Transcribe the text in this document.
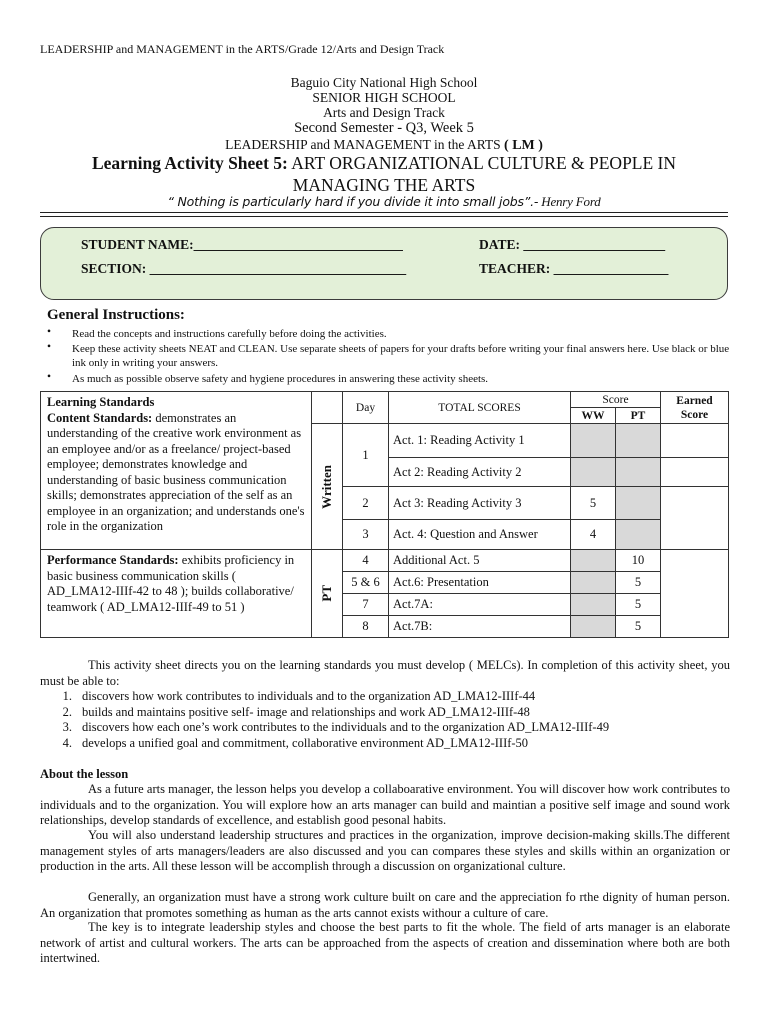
LEADERSHIP and MANAGEMENT in the ARTS/Grade 12/Arts and Design Track
Baguio City National High School
SENIOR HIGH SCHOOL
Arts and Design Track
Second Semester - Q3, Week 5
LEADERSHIP and MANAGEMENT in the ARTS ( LM )
Learning Activity Sheet 5: ART ORGANIZATIONAL CULTURE & PEOPLE IN
MANAGING THE ARTS
“ Nothing is particularly hard if you divide it into small jobs”.- Henry Ford
STUDENT NAME:_______________________________	DATE: _____________________
SECTION: ______________________________________	TEACHER: _________________
General Instructions:
• Read the concepts and instructions carefully before doing the activities.
• Keep these activity sheets NEAT and CLEAN. Use separate sheets of papers for your drafts before writing your final answers here. Use black or blue ink only in writing your answers.
• As much as possible observe safety and hygiene procedures in answering these activity sheets.
Learning Standards
Content Standards: demonstrates an understanding of the creative work environment as an employee and/or as a freelance/ project-based employee; demonstrates knowledge and understanding of basic business communication skills; demonstrates appreciation of the self as an employee in an organization; and understands one's role in the organization		Day	TOTAL SCORES	Score		Earned Score
				WW	PT	

	Written	1	Act. 1: Reading Activity 1			
			Act 2: Reading Activity 2			
		2	Act 3: Reading Activity 3	5		
		3	Act. 4: Question and Answer	4		
Performance Standards: exhibits proficiency in basic business communication skills ( AD_LMA12-IIIf-42 to 48 ); builds collaborative/ teamwork ( AD_LMA12-IIIf-49 to 51 )	PT	4	Additional Act. 5		10	
		5 & 6	Act.6: Presentation		5	
		7	Act.7A:		5	
		8	Act.7B:		5	
This activity sheet directs you on the learning standards you must develop ( MELCs). In completion of this activity sheet, you must be able to:
1. discovers how work contributes to individuals and to the organization AD_LMA12-IIIf-44
2. builds and maintains positive self- image and relationships and work AD_LMA12-IIIf-48
3. discovers how each one’s work contributes to the individuals and to the organization AD_LMA12-IIIf-49
4. develops a unified goal and commitment, collaborative environment AD_LMA12-IIIf-50
About the lesson
As a future arts manager, the lesson helps you develop a collaboarative environment. You will discover how work contributes to individuals and to the organization. You will explore how an arts manager can build and maintian a positive self image and sound work relationships, develop standards of excellence, and establish good pesonal habits.
You will also understand leadership structures and practices in the organization, improve decision-making skills.The different management styles of arts managers/leaders are also discussed and you can compares these styles and skills within an organization or production in the arts. All these lesson will be accomplish through a discussion on organizational culture.
Generally, an organization must have a strong work culture built on care and the appreciation fo rthe dignity of human person. An organization that promotes something as human as the arts cannot exists withour a culture of care.
The key is to integrate leadership styles and choose the best parts to fit the whole. The field of arts manager is an elaborate network of artist and cultural workers. The arts can be approached from the aspects of creation and dissemination where both are both intertwined.
